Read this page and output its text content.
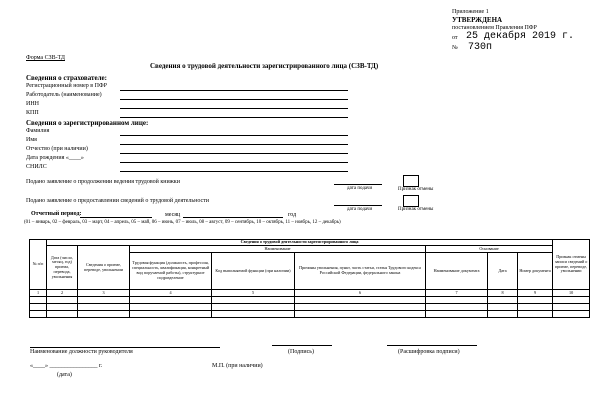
Приложение 1
УТВЕРЖДЕНА
постановлением Правления ПФР
от 25 декабря 2019 г.
№ 730п
Форма СЗВ-ТД
Сведения о трудовой деятельности зарегистрированного лица (СЗВ-ТД)
Сведения о страхователе:
Регистрационный номер в ПФР
Работодатель (наименование)
ИНН
КПП
Сведения о зарегистрированном лице:
Фамилия
Имя
Отчество (при наличии)
Дата рождения «____»
СНИЛС
Подано заявление о продолжении ведения трудовой книжки
дата подачи	Признак отмены
Подано заявление о предоставлении сведений о трудовой деятельности
дата подачи	Признак отмены
Отчетный период:	месяц	год
(01 – январь, 02 – февраль, 03 – март, 04 – апрель, 05 – май, 06 – июнь, 07 – июль, 08 – август, 09 – сентябрь, 10 – октябрь, 11 – ноябрь, 12 – декабрь)
№ п/п	Сведения о трудовой деятельности зарегистрированного лица								Признак отмены записи сведений о приеме, переводе, увольнении
	Дата (число, месяц, год) приема, перевода, увольнения	Сведения о приеме, переводе, увольнении	Наименование			Основание			
			Трудовая функция (должность, профессия, специальность, квалификация, конкретный вид поручаемой работы), структурное подразделение	Код выполняемой функции (при наличии)	Причины увольнения, пункт, часть статьи, статья Трудового кодекса Российской Федерации, федерального закона	Наименование документа	Дата	Номер документа	
1	2	3	4	5	6	7	8	9	10

Наименование должности руководителя	(Подпись)	(Расшифровка подписи)
«____» ________________ г.	М.П. (при наличии)
(дата)
